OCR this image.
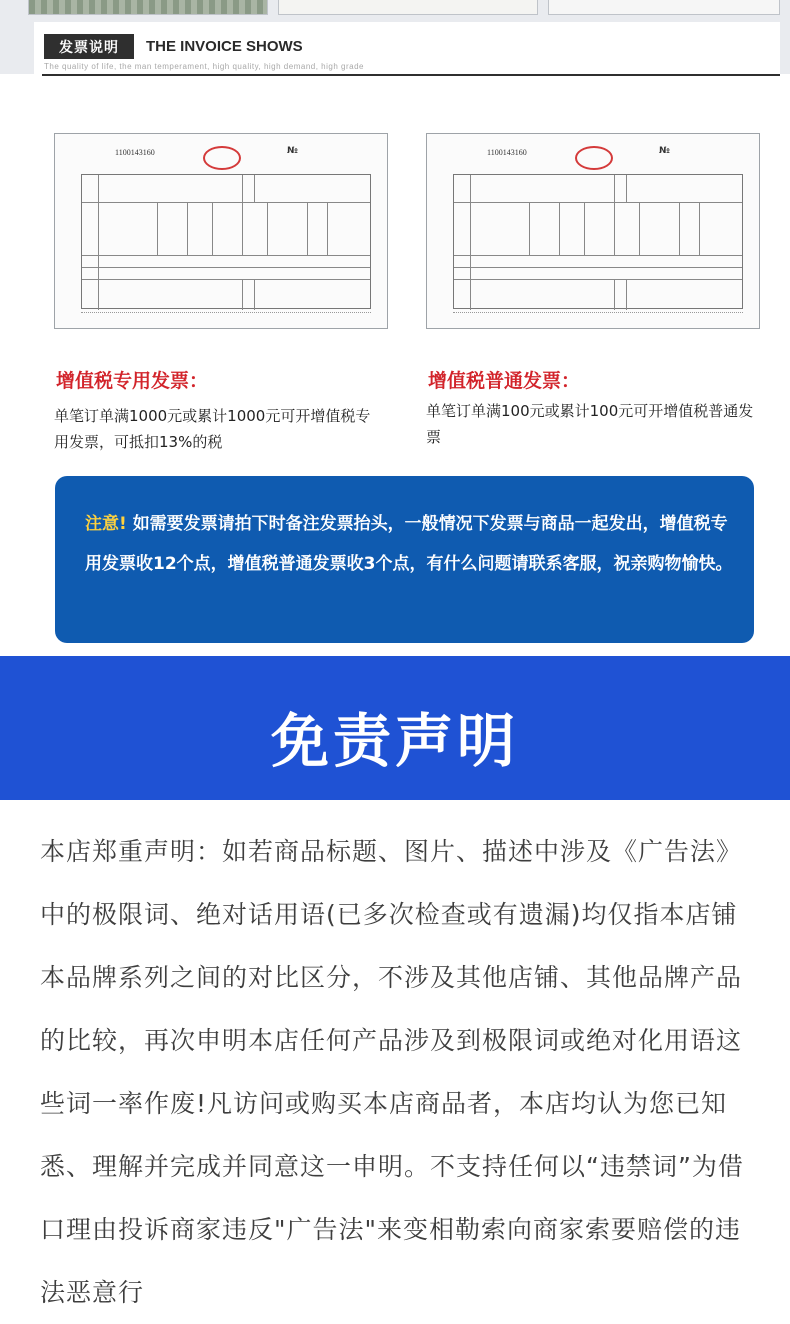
发票说明	THE INVOICE SHOWS
The quality of life, the man temperament, high quality, high demand, high grade
1100143160	№	1100143160	№
增值税专用发票：
单笔订单满1000元或累计1000元可开增值税专用发票，可抵扣13%的税
增值税普通发票：
单笔订单满100元或累计100元可开增值税普通发票
注意! 如需要发票请拍下时备注发票抬头，一般情况下发票与商品一起发出，增值税专用发票收12个点，增值税普通发票收3个点，有什么问题请联系客服，祝亲购物愉快。
免责声明
本店郑重声明：如若商品标题、图片、描述中涉及《广告法》中的极限词、绝对话用语(已多次检查或有遗漏)均仅指本店铺本品牌系列之间的对比区分，不涉及其他店铺、其他品牌产品的比较，再次申明本店任何产品涉及到极限词或绝对化用语这些词一率作废!凡访问或购买本店商品者，本店均认为您已知悉、理解并完成并同意这一申明。不支持任何以“违禁词”为借口理由投诉商家违反"广告法"来变相勒索向商家索要赔偿的违法恶意行
